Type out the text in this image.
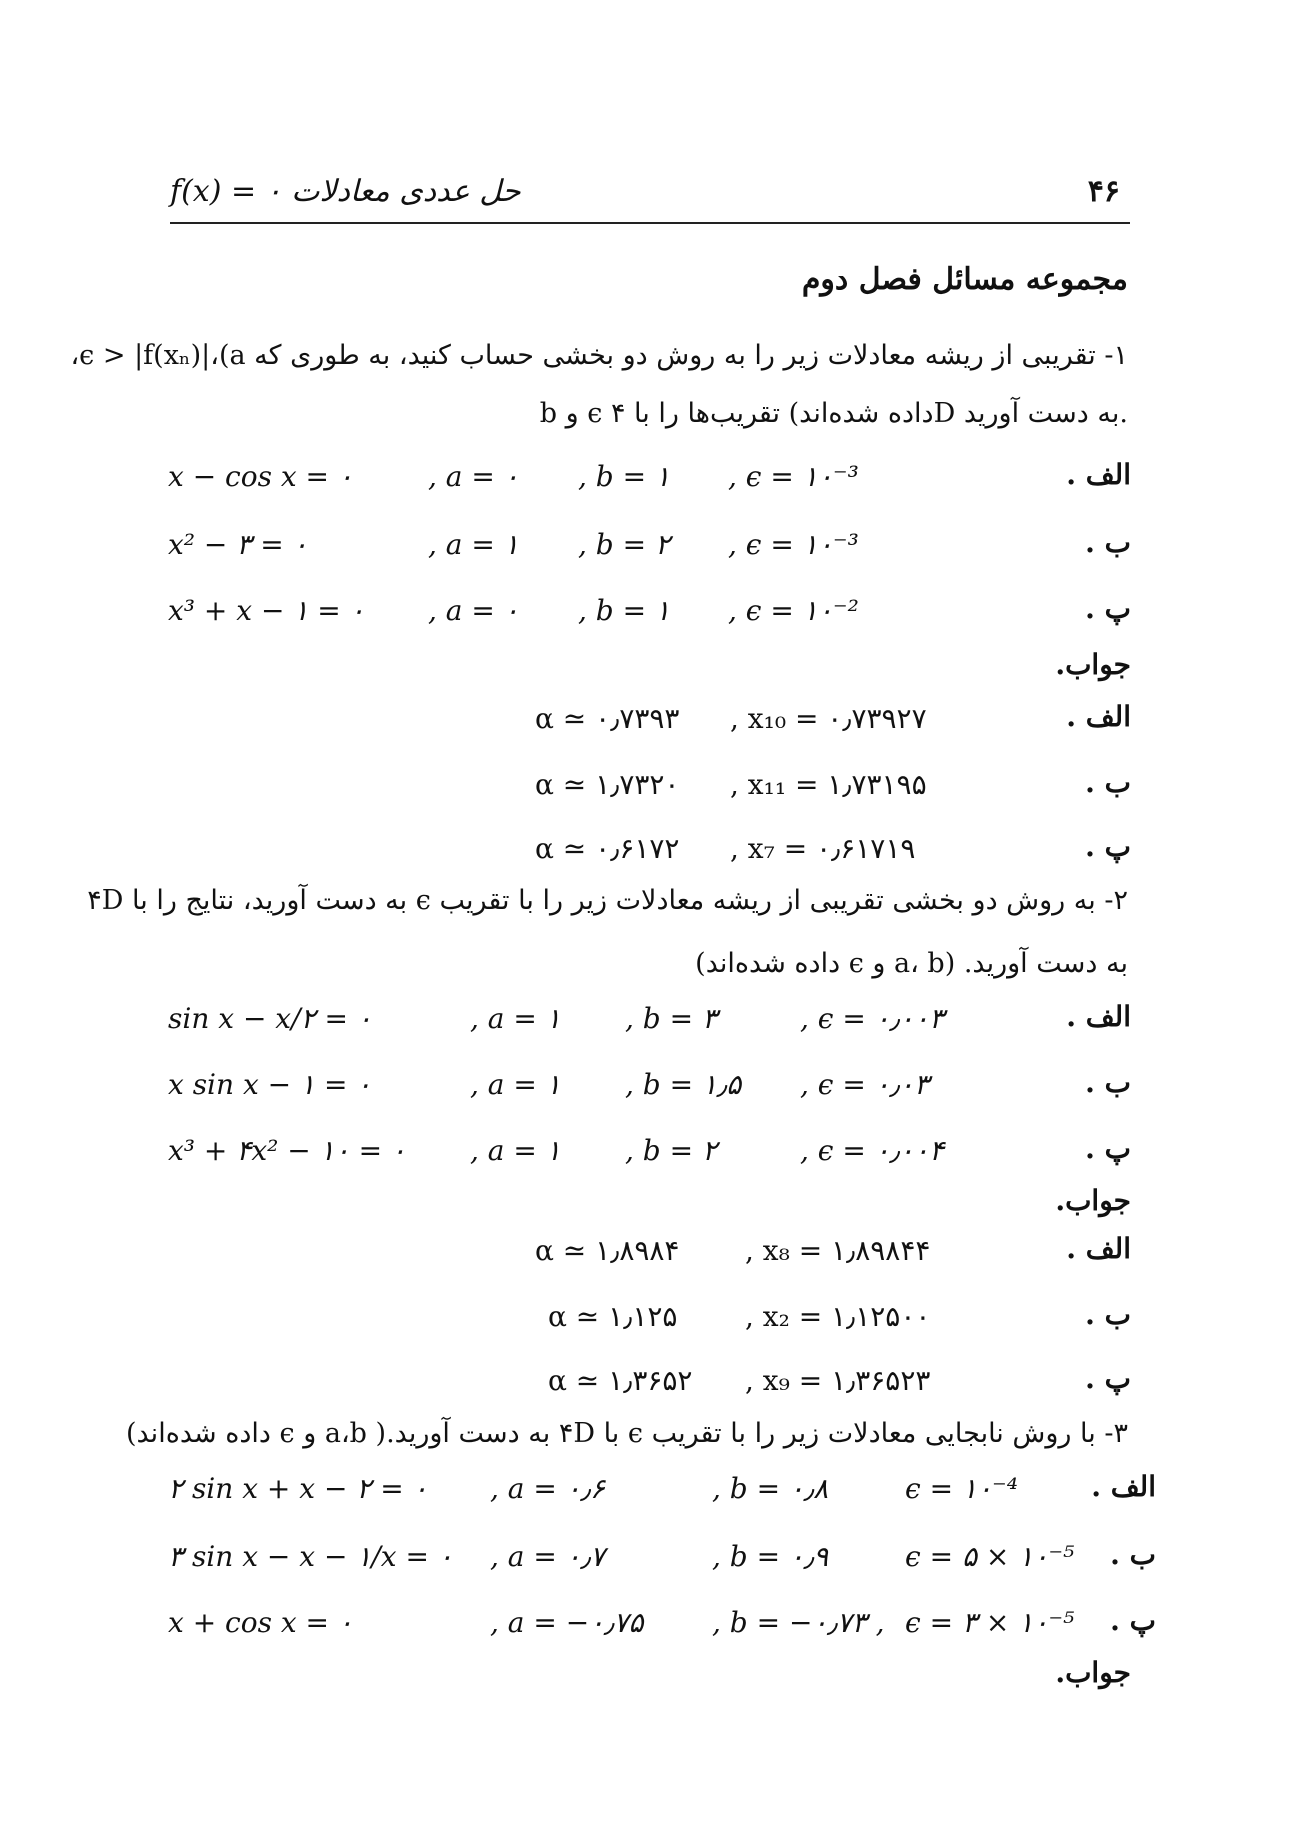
۴۶
f(x) = ۰ حل عددی معادلات
مجموعه مسائل فصل دوم
۱- تقریبی از ریشه معادلات زیر را به روش دو بخشی حساب کنید، به طوری که ϵ > |f(xₙ)|،(a،
b و ϵ داده شده‌اند) تقریب‌ها را با ۴D به دست آورید.
الف .
x − cos x = ۰	, a = ۰ , b = ۱ , ϵ = ۱۰⁻³
ب .
x² − ۳ = ۰	, a = ۱ , b = ۲ , ϵ = ۱۰⁻³
پ .
x³ + x − ۱ = ۰ , a = ۰ , b = ۱ , ϵ = ۱۰⁻²
جواب.
الف .
α ≃ ۰٫۷۳۹۳ , x₁₀ = ۰٫۷۳۹۲۷
ب .
α ≃ ۱٫۷۳۲۰ , x₁₁ = ۱٫۷۳۱۹۵
پ .
α ≃ ۰٫۶۱۷۲ , x₇ = ۰٫۶۱۷۱۹
۲- به روش دو بخشی تقریبی از ریشه معادلات زیر را با تقریب ϵ به دست آورید، نتایج را با ۴D
به دست آورید. (a، b و ϵ داده شده‌اند)
الف .
sin x − x/۲ = ۰	, a = ۱ , b = ۳	, ϵ = ۰٫۰۰۳
ب .
x sin x − ۱ = ۰	, a = ۱ , b = ۱٫۵ , ϵ = ۰٫۰۳
پ .
x³ + ۴x² − ۱۰ = ۰ , a = ۱ , b = ۲	, ϵ = ۰٫۰۰۴
جواب.
الف .
α ≃ ۱٫۸۹۸۴ , x₈ = ۱٫۸۹۸۴۴
ب .
α ≃ ۱٫۱۲۵ , x₂ = ۱٫۱۲۵۰۰
پ .
α ≃ ۱٫۳۶۵۲ , x₉ = ۱٫۳۶۵۲۳
۳- با روش نابجایی معادلات زیر را با تقریب ϵ با ۴D به دست آورید.( a،b و ϵ داده شده‌اند)
الف .
۲ sin x + x − ۲ = ۰ , a = ۰٫۶	, b = ۰٫۸	ϵ = ۱۰⁻⁴
ب .
۳ sin x − x − ۱/x = ۰ , a = ۰٫۷	, b = ۰٫۹	ϵ = ۵ × ۱۰⁻⁵
پ .
x + cos x = ۰	, a = −۰٫۷۵ , b = −۰٫۷۳ , ϵ = ۳ × ۱۰⁻⁵
جواب.
